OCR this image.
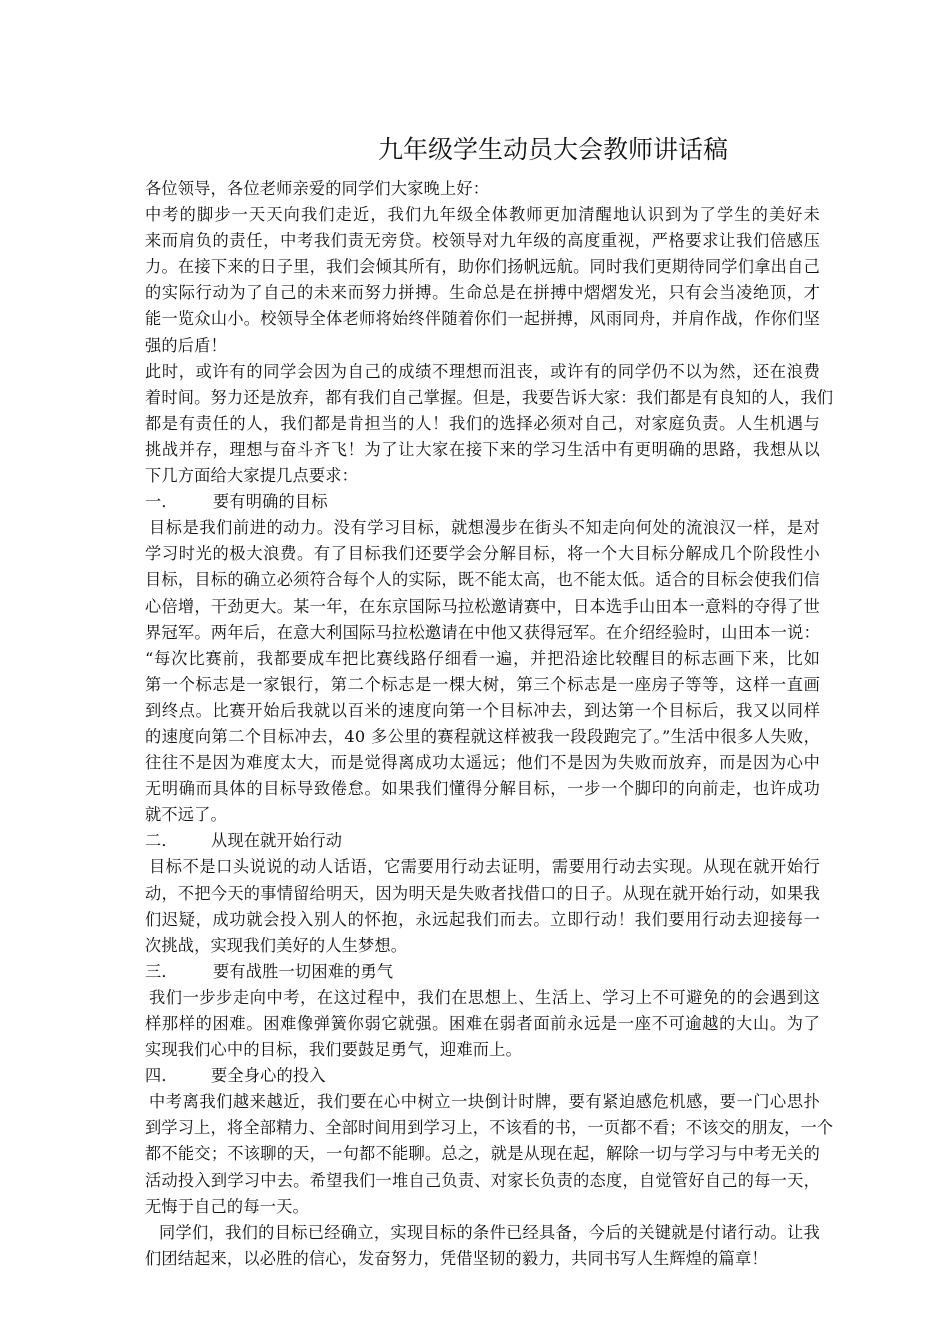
九年级学生动员大会教师讲话稿
各位领导，各位老师亲爱的同学们大家晚上好：
中考的脚步一天天向我们走近，我们九年级全体教师更加清醒地认识到为了学生的美好未
来而肩负的责任，中考我们责无旁贷。校领导对九年级的高度重视，严格要求让我们倍感压
力。在接下来的日子里，我们会倾其所有，助你们扬帆远航。同时我们更期待同学们拿出自己
的实际行动为了自己的未来而努力拼搏。生命总是在拼搏中熠熠发光，只有会当凌绝顶，才
能一览众山小。校领导全体老师将始终伴随着你们一起拼搏，风雨同舟，并肩作战，作你们坚
强的后盾！
此时，或许有的同学会因为自己的成绩不理想而沮丧，或许有的同学仍不以为然，还在浪费
着时间。努力还是放弃，都有我们自己掌握。但是，我要告诉大家：我们都是有良知的人，我们
都是有责任的人，我们都是肯担当的人！我们的选择必须对自己，对家庭负责。人生机遇与
挑战并存，理想与奋斗齐飞！为了让大家在接下来的学习生活中有更明确的思路，我想从以
下几方面给大家提几点要求：
一． 要有明确的目标
目标是我们前进的动力。没有学习目标，就想漫步在街头不知走向何处的流浪汉一样，是对
学习时光的极大浪费。有了目标我们还要学会分解目标，将一个大目标分解成几个阶段性小
目标，目标的确立必须符合每个人的实际，既不能太高，也不能太低。适合的目标会使我们信
心倍增，干劲更大。某一年，在东京国际马拉松邀请赛中，日本选手山田本一意料的夺得了世
界冠军。两年后，在意大利国际马拉松邀请在中他又获得冠军。在介绍经验时，山田本一说：
“每次比赛前，我都要成车把比赛线路仔细看一遍，并把沿途比较醒目的标志画下来，比如
第一个标志是一家银行，第二个标志是一棵大树，第三个标志是一座房子等等，这样一直画
到终点。比赛开始后我就以百米的速度向第一个目标冲去，到达第一个目标后，我又以同样
的速度向第二个目标冲去，40 多公里的赛程就这样被我一段段跑完了。”生活中很多人失败，
往往不是因为难度太大，而是觉得离成功太遥远；他们不是因为失败而放弃，而是因为心中
无明确而具体的目标导致倦怠。如果我们懂得分解目标，一步一个脚印的向前走，也许成功
就不远了。
二． 从现在就开始行动
目标不是口头说说的动人话语，它需要用行动去证明，需要用行动去实现。从现在就开始行
动，不把今天的事情留给明天，因为明天是失败者找借口的日子。从现在就开始行动，如果我
们迟疑，成功就会投入别人的怀抱，永远起我们而去。立即行动！我们要用行动去迎接每一
次挑战，实现我们美好的人生梦想。
三． 要有战胜一切困难的勇气
我们一步步走向中考，在这过程中，我们在思想上、生活上、学习上不可避免的的会遇到这
样那样的困难。困难像弹簧你弱它就强。困难在弱者面前永远是一座不可逾越的大山。为了
实现我们心中的目标，我们要鼓足勇气，迎难而上。
四． 要全身心的投入
中考离我们越来越近，我们要在心中树立一块倒计时牌，要有紧迫感危机感，要一门心思扑
到学习上，将全部精力、全部时间用到学习上，不该看的书，一页都不看；不该交的朋友，一个
都不能交；不该聊的天，一句都不能聊。总之，就是从现在起，解除一切与学习与中考无关的
活动投入到学习中去。希望我们一堆自己负责、对家长负责的态度，自觉管好自己的每一天，
无悔于自己的每一天。
同学们，我们的目标已经确立，实现目标的条件已经具备，今后的关键就是付诸行动。让我
们团结起来，以必胜的信心，发奋努力，凭借坚韧的毅力，共同书写人生辉煌的篇章！
